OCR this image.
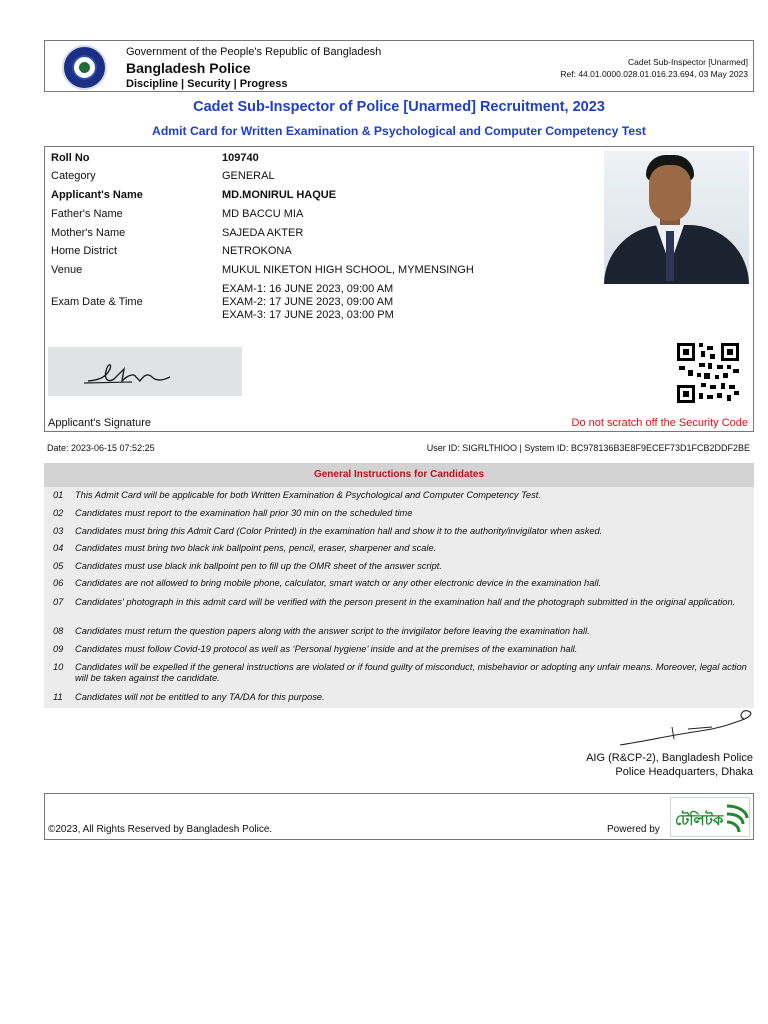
Government of the People's Republic of Bangladesh
Bangladesh Police
Discipline | Security | Progress
Cadet Sub-Inspector [Unarmed]
Ref: 44.01.0000.028.01.016.23.694, 03 May 2023
Cadet Sub-Inspector of Police [Unarmed] Recruitment, 2023
Admit Card for Written Examination & Psychological and Computer Competency Test
Roll No	109740
Category	GENERAL
Applicant's Name	MD.MONIRUL HAQUE
Father's Name	MD BACCU MIA
Mother's Name	SAJEDA AKTER
Home District	NETROKONA
Venue	MUKUL NIKETON HIGH SCHOOL, MYMENSINGH
Exam Date & Time
EXAM-1: 16 JUNE 2023, 09:00 AM
EXAM-2: 17 JUNE 2023, 09:00 AM
EXAM-3: 17 JUNE 2023, 03:00 PM
Applicant's Signature	Do not scratch off the Security Code
Date: 2023-06-15 07:52:25	User ID: SIGRLTHIOO | System ID: BC978136B3E8F9ECEF73D1FCB2DDF2BE
General Instructions for Candidates
01 This Admit Card will be applicable for both Written Examination & Psychological and Computer Competency Test.
02 Candidates must report to the examination hall prior 30 min on the scheduled time
03 Candidates must bring this Admit Card (Color Printed) in the examination hall and show it to the authority/invigilator when asked.
04 Candidates must bring two black ink ballpoint pens, pencil, eraser, sharpener and scale.
05 Candidates must use black ink ballpoint pen to fill up the OMR sheet of the answer script.
06 Candidates are not allowed to bring mobile phone, calculator, smart watch or any other electronic device in the examination hall.
07 Candidates' photograph in this admit card will be verified with the person present in the examination hall and the photograph submitted in the original application.
08 Candidates must return the question papers along with the answer script to the invigilator before leaving the examination hall.
09 Candidates must follow Covid-19 protocol as well as ‘Personal hygiene’ inside and at the premises of the examination hall.
10 Candidates will be expelled if the general instructions are violated or if found guilty of misconduct, misbehavior or adopting any unfair means. Moreover, legal action will be taken against the candidate.
11 Candidates will not be entitled to any TA/DA for this purpose.
AIG (R&CP-2), Bangladesh Police
Police Headquarters, Dhaka
©2023, All Rights Reserved by Bangladesh Police.	Powered by
টেলিটক
